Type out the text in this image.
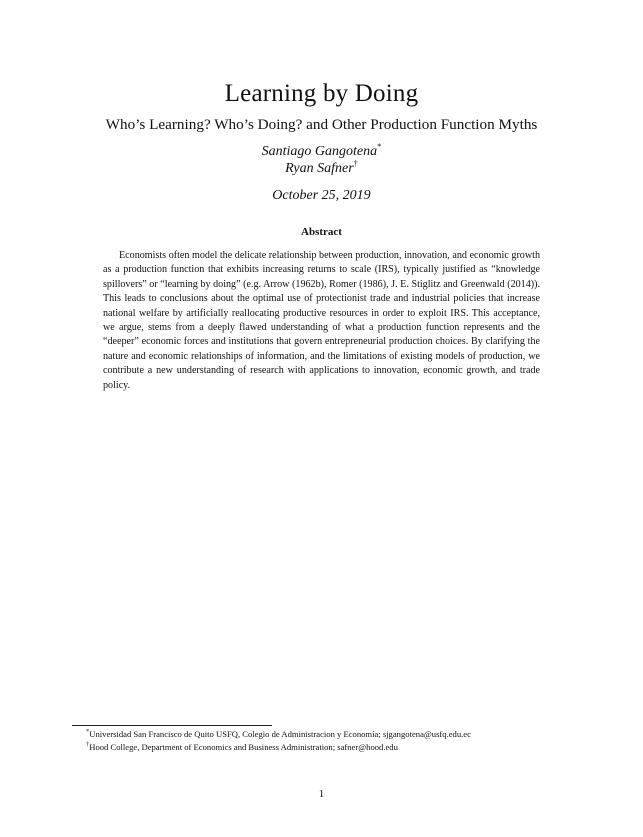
Learning by Doing
Who’s Learning? Who’s Doing? and Other Production Function Myths
Santiago Gangotena*
Ryan Safner†
October 25, 2019
Abstract
Economists often model the delicate relationship between production, innovation, and economic growth as a production function that exhibits increasing returns to scale (IRS), typically justified as “knowledge spillovers” or “learning by doing” (e.g. Arrow (1962b), Romer (1986), J. E. Stiglitz and Greenwald (2014)). This leads to conclusions about the optimal use of protectionist trade and industrial policies that increase national welfare by artificially reallocating productive resources in order to exploit IRS. This acceptance, we argue, stems from a deeply flawed understanding of what a production function represents and the “deeper” economic forces and institutions that govern entrepreneurial production choices. By clarifying the nature and economic relationships of information, and the limitations of existing models of production, we contribute a new understanding of research with applications to innovation, economic growth, and trade policy.
*Universidad San Francisco de Quito USFQ, Colegio de Administracion y Economía; sjgangotena@usfq.edu.ec
†Hood College, Department of Economics and Business Administration; safner@hood.edu
1
